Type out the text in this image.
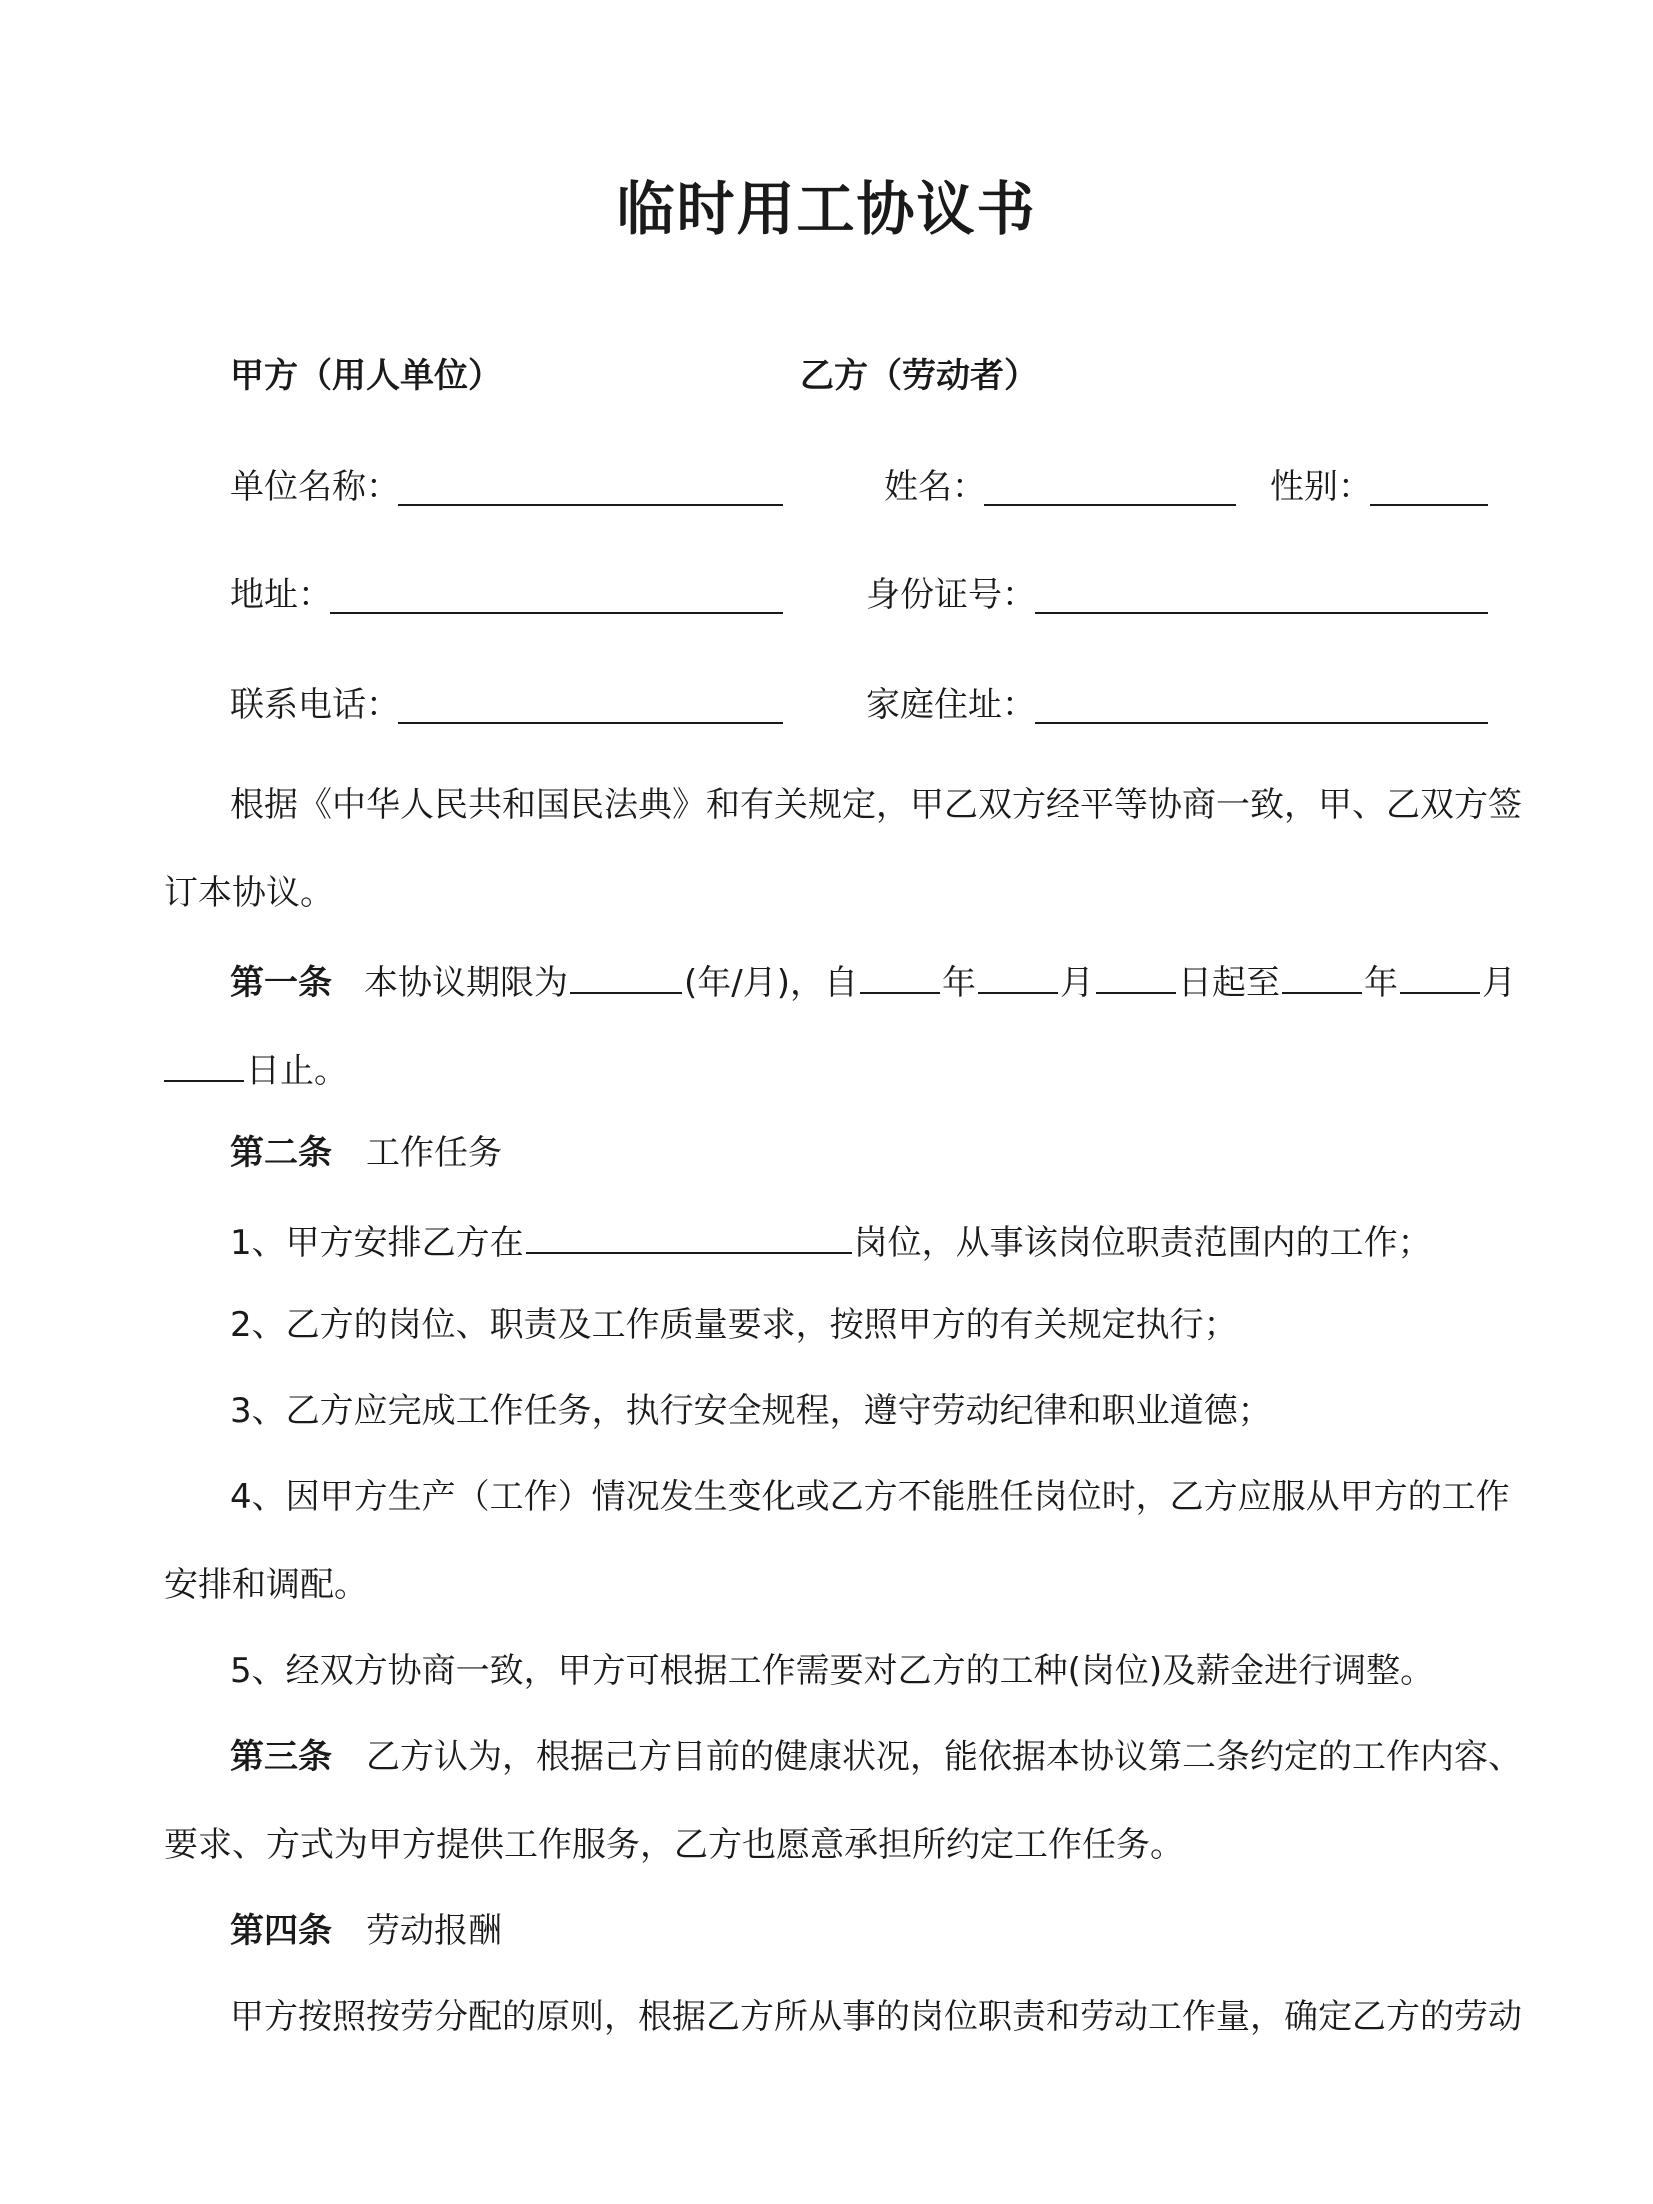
临时用工协议书
甲方（用人单位）	乙方（劳动者）
单位名称：	姓名：	性别：
地址：	身份证号：
联系电话：	家庭住址：
根据《中华人民共和国民法典》和有关规定，甲乙双方经平等协商一致，甲、乙双方签
订本协议。
第一条 本协议期限为	(年/月)，自 年 月 日起至 年 月
日止。
第二条 工作任务
1、甲方安排乙方在	岗位，从事该岗位职责范围内的工作；
2、乙方的岗位、职责及工作质量要求，按照甲方的有关规定执行；
3、乙方应完成工作任务，执行安全规程，遵守劳动纪律和职业道德；
4、因甲方生产（工作）情况发生变化或乙方不能胜任岗位时，乙方应服从甲方的工作
安排和调配。
5、经双方协商一致，甲方可根据工作需要对乙方的工种(岗位)及薪金进行调整。
第三条 乙方认为，根据己方目前的健康状况，能依据本协议第二条约定的工作内容、
要求、方式为甲方提供工作服务，乙方也愿意承担所约定工作任务。
第四条 劳动报酬
甲方按照按劳分配的原则，根据乙方所从事的岗位职责和劳动工作量，确定乙方的劳动
